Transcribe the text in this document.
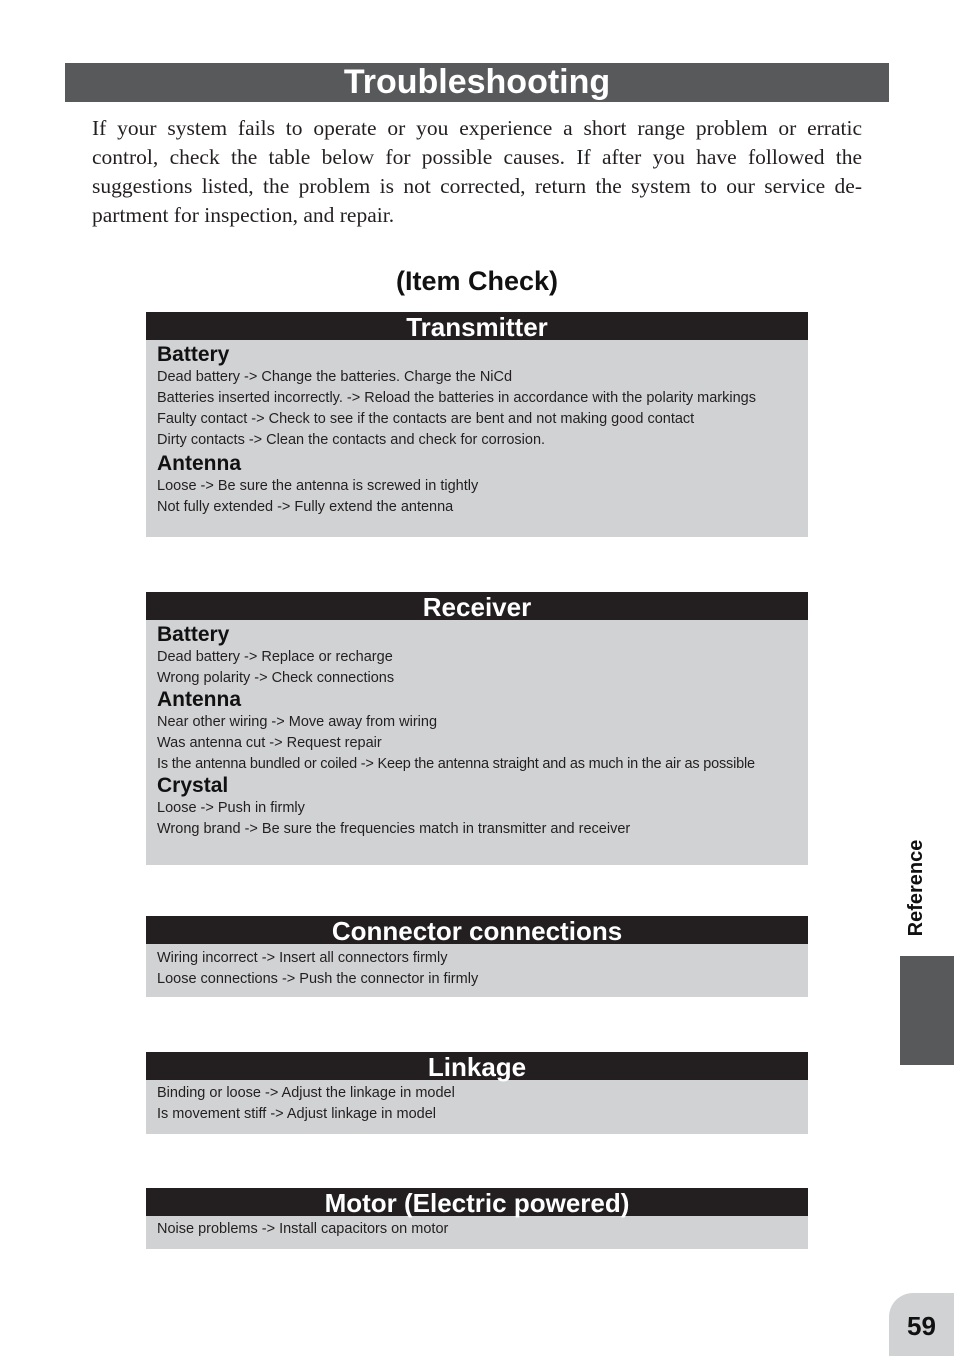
Troubleshooting
If your system fails to operate or you experience a short range problem or erratic
control, check the table below for possible causes. If after you have followed the
suggestions listed, the problem is not corrected, return the system to our service de-
partment for inspection, and repair.
(Item Check)
Transmitter
Battery
Dead battery -> Change the batteries. Charge the NiCd
Batteries inserted incorrectly. -> Reload the batteries in accordance with the polarity markings
Faulty contact -> Check to see if the contacts are bent and not making good contact
Dirty contacts -> Clean the contacts and check for corrosion.
Antenna
Loose -> Be sure the antenna is screwed in tightly
Not fully extended -> Fully extend the antenna
Receiver
Battery
Dead battery -> Replace or recharge
Wrong polarity -> Check connections
Antenna
Near other wiring -> Move away from wiring
Was antenna cut -> Request repair
Is the antenna bundled or coiled -> Keep the antenna straight and as much in the air as possible
Crystal
Loose -> Push in firmly
Wrong brand -> Be sure the frequencies match in transmitter and receiver
Connector connections
Wiring incorrect -> Insert all connectors firmly
Loose connections -> Push the connector in firmly
Linkage
Binding or loose -> Adjust the linkage in model
Is movement stiff -> Adjust linkage in model
Motor (Electric powered)
Noise problems -> Install capacitors on motor
Reference
59
